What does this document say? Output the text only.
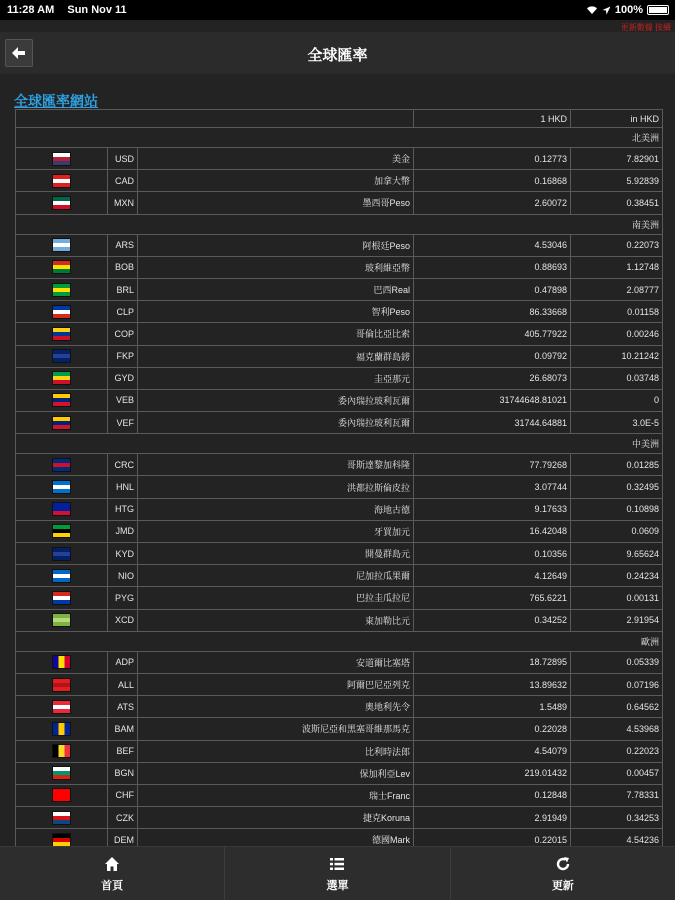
11:28 AM Sun Nov 11	100%
更新數據 接續
全球匯率
全球匯率網站
			1 HKD	in HKD
北美洲				
	USD	美金	0.12773	7.82901
	CAD	加拿大幣	0.16868	5.92839
	MXN	墨西哥Peso	2.60072	0.38451
南美洲				
	ARS	阿根廷Peso	4.53046	0.22073
	BOB	玻利維亞幣	0.88693	1.12748
	BRL	巴西Real	0.47898	2.08777
	CLP	智利Peso	86.33668	0.01158
	COP	哥倫比亞比索	405.77922	0.00246
	FKP	福克蘭群島鎊	0.09792	10.21242
	GYD	圭亞那元	26.68073	0.03748
	VEB	委內瑞拉玻利瓦爾	31744648.81021	0
	VEF	委內瑞拉玻利瓦爾	31744.64881	3.0E-5
中美洲				
	CRC	哥斯達黎加科隆	77.79268	0.01285
	HNL	洪都拉斯倫皮拉	3.07744	0.32495
	HTG	海地古德	9.17633	0.10898
	JMD	牙買加元	16.42048	0.0609
	KYD	開曼群島元	0.10356	9.65624
	NIO	尼加拉瓜果爾	4.12649	0.24234
	PYG	巴拉圭瓜拉尼	765.6221	0.00131
	XCD	東加勒比元	0.34252	2.91954
歐洲				
	ADP	安道爾比塞塔	18.72895	0.05339
	ALL	阿爾巴尼亞列克	13.89632	0.07196
	ATS	奧地利先令	1.5489	0.64562
	BAM	波斯尼亞和黑塞哥維那馬克	0.22028	4.53968
	BEF	比利時法郎	4.54079	0.22023
	BGN	保加利亞Lev	219.01432	0.00457
	CHF	瑞士Franc	0.12848	7.78331
	CZK	捷克Koruna	2.91949	0.34253
	DEM	德國Mark	0.22015	4.54236
首頁	選單	更新
